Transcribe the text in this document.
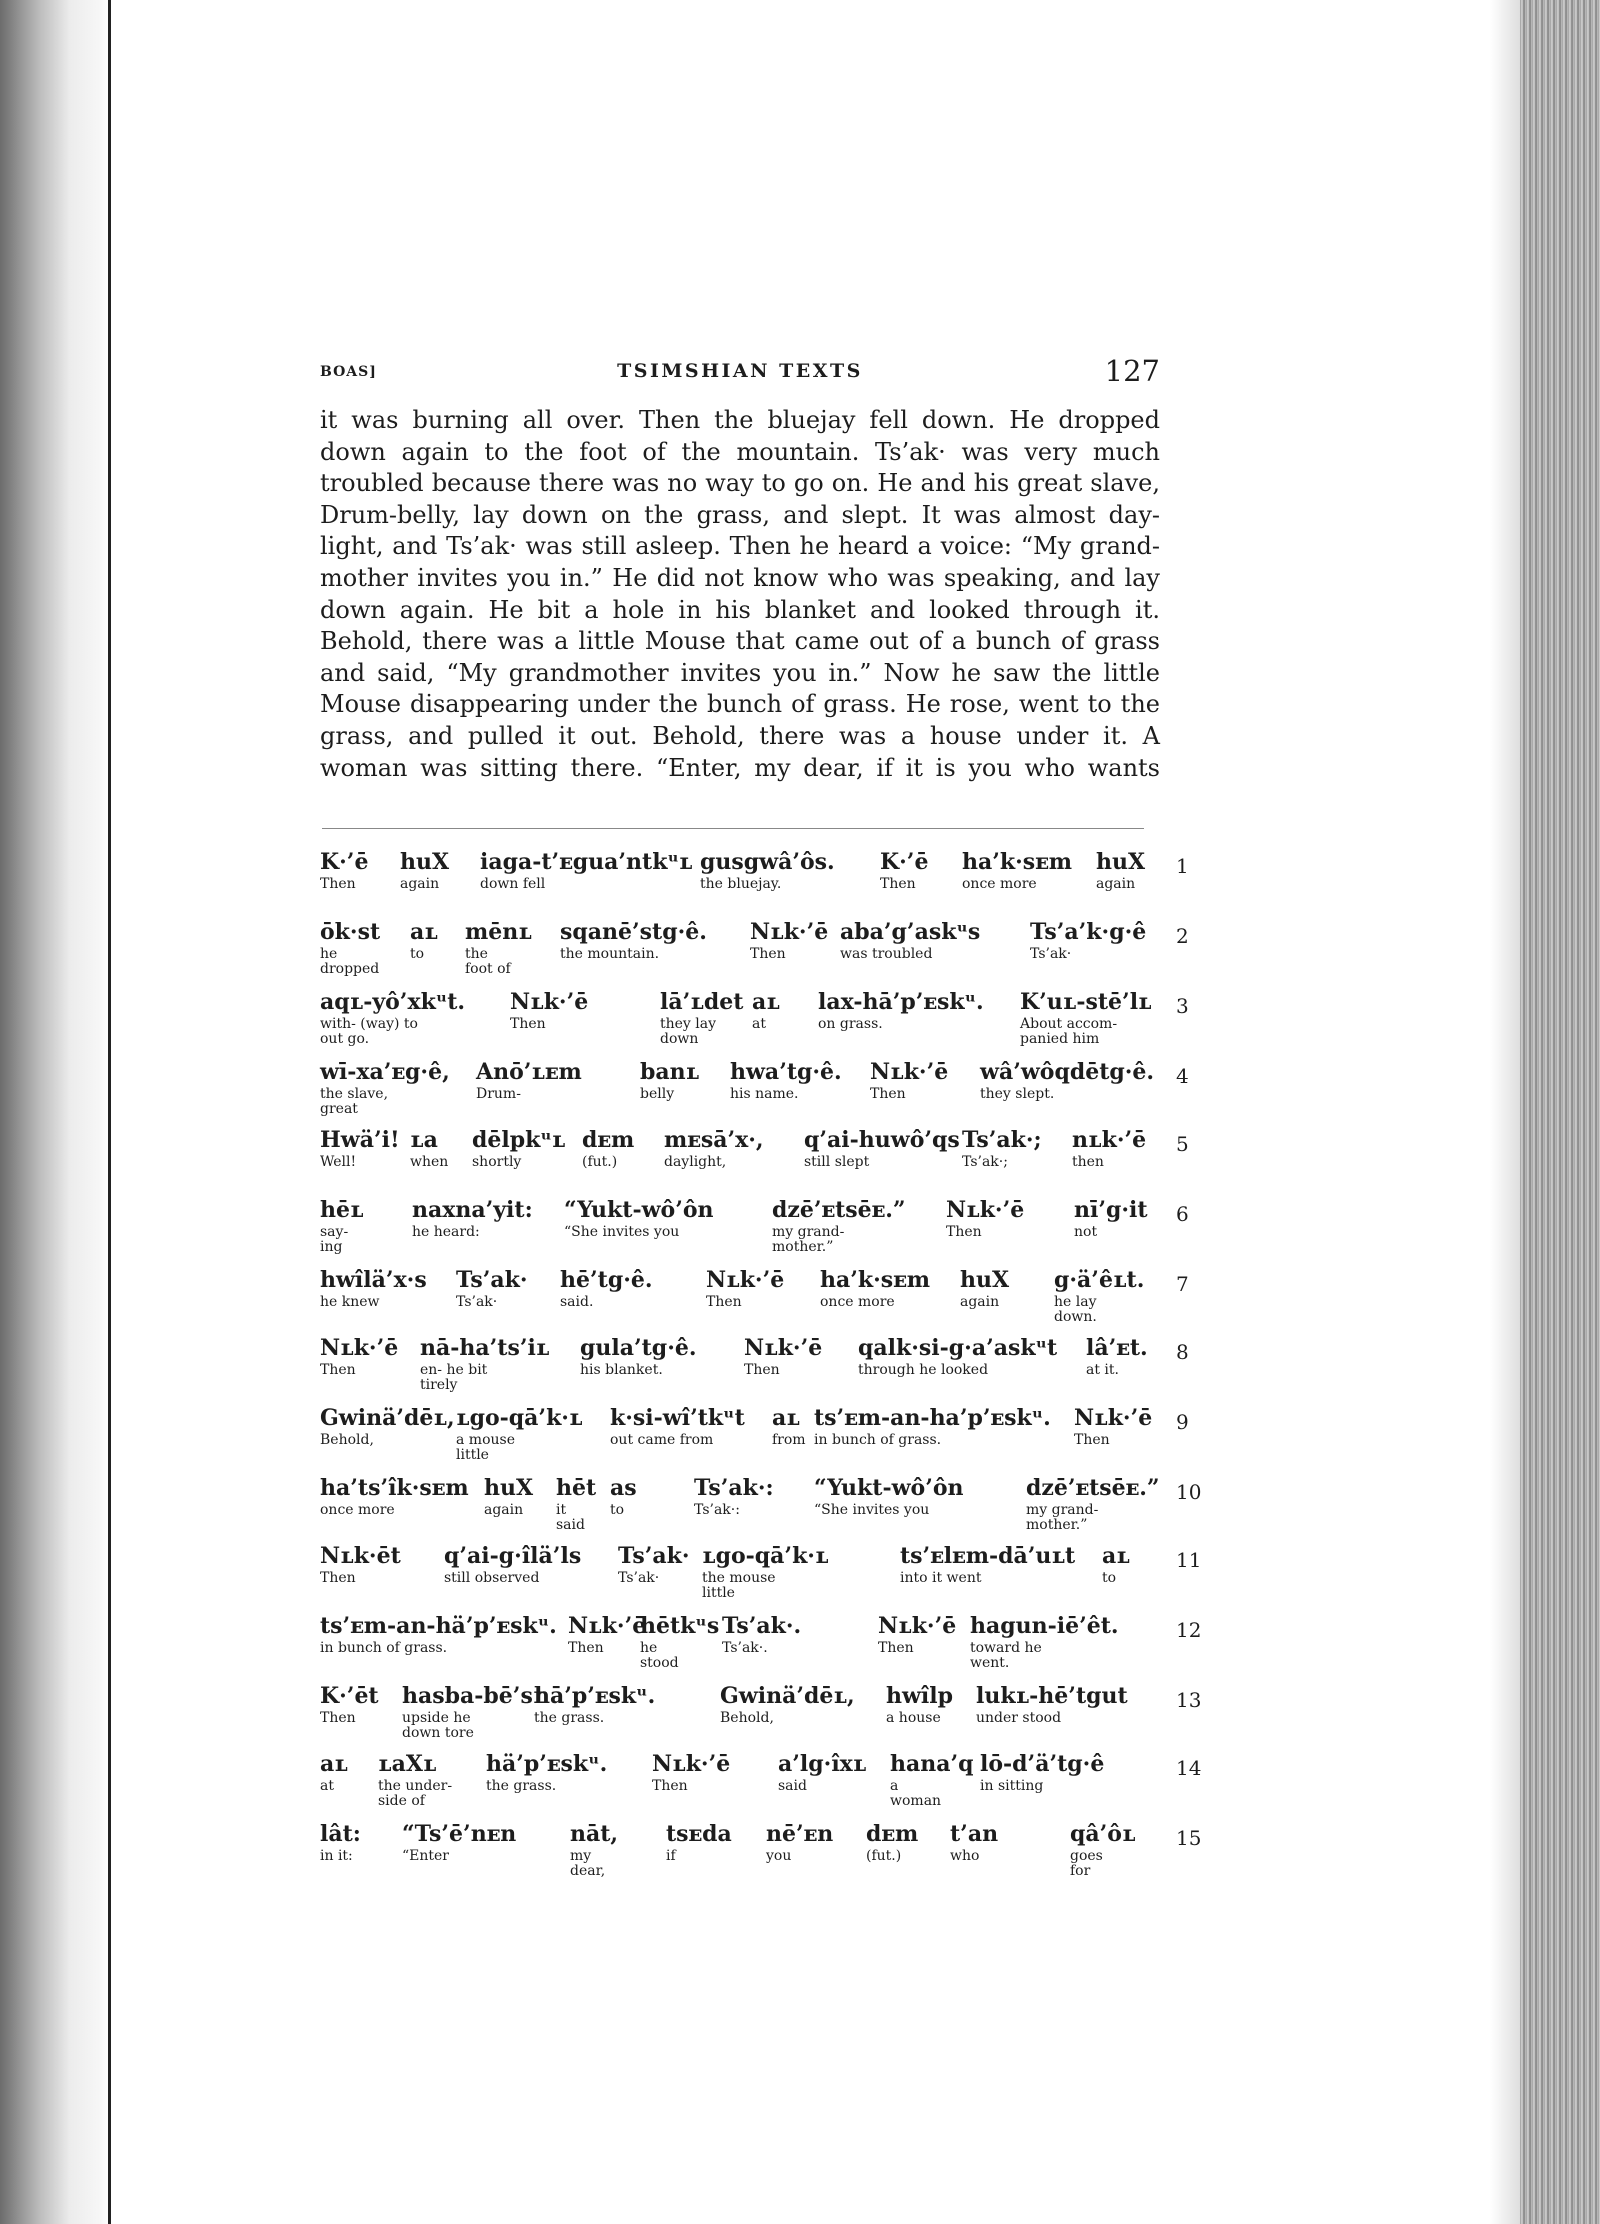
BOAS]	TSIMSHIAN TEXTS	127

it was burning all over. Then the bluejay fell down. He dropped

down again to the foot of the mountain. Ts’ak· was very much

troubled because there was no way to go on. He and his great slave,

Drum-belly, lay down on the grass, and slept. It was almost day-

light, and Ts’ak· was still asleep. Then he heard a voice: “My grand-

mother invites you in.” He did not know who was speaking, and lay

down again. He bit a hole in his blanket and looked through it.

Behold, there was a little Mouse that came out of a bunch of grass

and said, “My grandmother invites you in.” Now he saw the little

Mouse disappearing under the bunch of grass. He rose, went to the

grass, and pulled it out. Behold, there was a house under it. A

woman was sitting there. “Enter, my dear, if it is you who wants

K·’ē
Then
huX
again
iaga-t’ᴇgua’ntkᵘʟ
down fell
gusgwâ’ôs.
the bluejay.
K·’ē
Then
ha’k·sᴇm
once more
huX
again
1
ōk·st
he
dropped
aʟ
to
mēnʟ
the
foot of
sqanē’stg·ê.
the mountain.
Nʟk·’ē
Then
aba’g’askᵘs
was troubled
Ts’a’k·g·ê
Ts’ak·
2
aqʟ-yô’xkᵘt.
with- (way) to
out go.
Nʟk·’ē
Then
lā’ʟdet
they lay
down
aʟ
at
lax-hā’p’ᴇskᵘ.
on grass.
K’uʟ-stē’lʟ
About accom-
panied him
3
wī-xa’ᴇg·ê,
the slave,
great
Anō’ʟᴇm
Drum-
banʟ
belly
hwa’tg·ê.
his name.
Nʟk·’ē
Then
wâ’wôqdētg·ê.
they slept.
4
Hwä’i!
Well!
ʟa
when
dēlpkᵘʟ
shortly
dᴇm
(fut.)
mᴇsā’x·,
daylight,
q’ai-huwô’qs
still slept
Ts’ak·;
Ts’ak·;
nʟk·’ē
then
5
hēʟ
say-
ing
naxna’yit:
he heard:
“Yukt-wô’ôn
“She invites you
dzē’ᴇtsēᴇ.”
my grand-
mother.”
Nʟk·’ē
Then
nī’g·it
not
6
hwîlä’x·s
he knew
Ts’ak·
Ts’ak·
hē’tg·ê.
said.
Nʟk·’ē
Then
ha’k·sᴇm
once more
huX
again
g·ä’êʟt.
he lay
down.
7
Nʟk·’ē
Then
nā-ha’ts’iʟ
en- he bit
tirely
gula’tg·ê.
his blanket.
Nʟk·’ē
Then
qalk·si-g·a’askᵘt
through he looked
lâ’ᴇt.
at it.
8
Gwinä’dēʟ,
Behold,
ʟgo-qā’k·ʟ
a mouse
little
k·si-wî’tkᵘt
out came from
aʟ
from
ts’ᴇm-an-ha’p’ᴇskᵘ.
in bunch of grass.
Nʟk·’ē
Then
9
ha’ts’îk·sᴇm
once more
huX
again
hēt
it
said
as
to
Ts’ak·:
Ts’ak·:
“Yukt-wô’ôn
“She invites you
dzē’ᴇtsēᴇ.”
my grand-
mother.”
10
Nʟk·ēt
Then
q’ai-g·îlä’ls
still observed
Ts’ak·
Ts’ak·
ʟgo-qā’k·ʟ
the mouse
little
ts’ᴇlᴇm-dā’uʟt
into it went
aʟ
to
11
ts’ᴇm-an-hä’p’ᴇskᵘ.
in bunch of grass.
Nʟk·’ē
Then
hētkᵘs
he
stood
Ts’ak·.
Ts’ak·.
Nʟk·’ē
Then
hagun-iē’êt.
toward he
went.
12
K·’ēt
Then
hasba-bē’sʟ
upside he
down tore
hā’p’ᴇskᵘ.
the grass.
Gwinä’dēʟ,
Behold,
hwîlp
a house
lukʟ-hē’tgut
under stood
13
aʟ
at
ʟaXʟ
the under-
side of
hä’p’ᴇskᵘ.
the grass.
Nʟk·’ē
Then
a’lg·îxʟ
said
hana’q
a
woman
lō-d’ä’tg·ê
in sitting
14
lât:
in it:
“Ts’ē’nᴇn
“Enter
nāt,
my
dear,
tsᴇda
if
nē’ᴇn
you
dᴇm
(fut.)
t’an
who
qâ’ôʟ
goes
for
15
